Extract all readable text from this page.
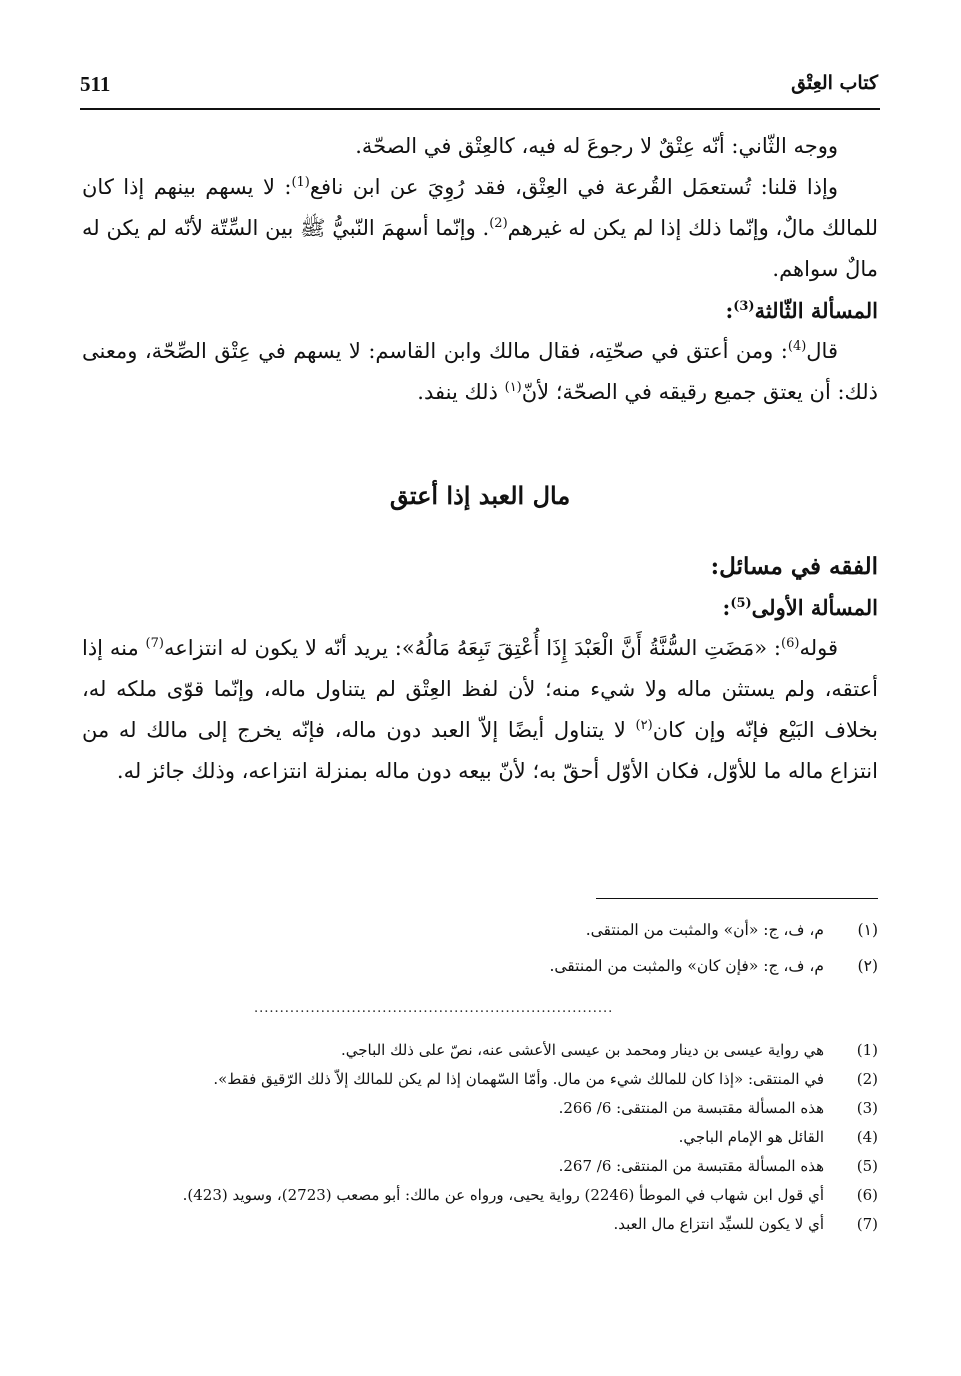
كتاب العِتْق
511

ووجه الثّاني: أنّه عِتْقٌ لا رجوعَ له فيه، كالعِتْق في الصحّة.

وإذا قلنا: تُستعمَل القُرعة في العِتْق، فقد رُوِيَ عن ابن نافع$^{(1)}$: لا يسهم بينهم إذا كان للمالك مالٌ، وإنّما ذلك إذا لم يكن له غيرهم$^{(2)}$. وإنّما أسهمَ النّبيُّ ﷺ بين السِّتّة لأنّه لم يكن له مالٌ سواهم.

المسألة الثّالثة$^{(3)}$:

قال$^{(4)}$: ومن أعتق في صحّتِه، فقال مالك وابن القاسم: لا يسهم في عِتْق الصِّحّة، ومعنى ذلك: أن يعتق جميع رقيقه في الصحّة؛ لأنّ$^{(١)}$ ذلك ينفد.

مال العبد إذا أعتق

الفقه في مسائل:

المسألة الأولى$^{(5)}$:

قوله$^{(6)}$: «مَضَتِ السُّنَّةُ أَنَّ الْعَبْدَ إِذَا أُعْتِقَ تَبِعَهُ مَالُهُ»: يريد أنّه لا يكون له انتزاعه$^{(7)}$ منه إذا أعتقه، ولم يستثن ماله ولا شيء منه؛ لأن لفظ العِتْق لم يتناول ماله، وإنّما قوّى ملكه له، بخلاف البَيْع فإنّه وإن كان$^{(٢)}$ لا يتناول أيضًا إلاّ العبد دون ماله، فإنّه يخرج إلى مالك له من انتزاع ماله ما للأوّل، فكان الأوّل أحقّ به؛ لأنّ بيعه دون ماله بمنزلة انتزاعه، وذلك جائز له.

(١)
م، ف، ج: «أن» والمثبت من المنتقى.
(٢)
م، ف، ج: «فإن كان» والمثبت من المنتقى.
......................................................................
(1)
هي رواية عيسى بن دينار ومحمد بن عيسى الأعشى عنه، نصّ على ذلك الباجي.
(2)
في المنتقى: «إذا كان للمالك شيء من مال. وأمّا السّهمان إذا لم يكن للمالك إلاّ ذلك الرّقيق فقط».
(3)
هذه المسألة مقتبسة من المنتقى: 6/ 266.
(4)
القائل هو الإمام الباجي.
(5)
هذه المسألة مقتبسة من المنتقى: 6/ 267.
(6)
أي قول ابن شهاب في الموطأ (2246) رواية يحيى، ورواه عن مالك: أبو مصعب (2723)، وسويد (423).
(7)
أي لا يكون للسيِّد انتزاع مال العبد.
